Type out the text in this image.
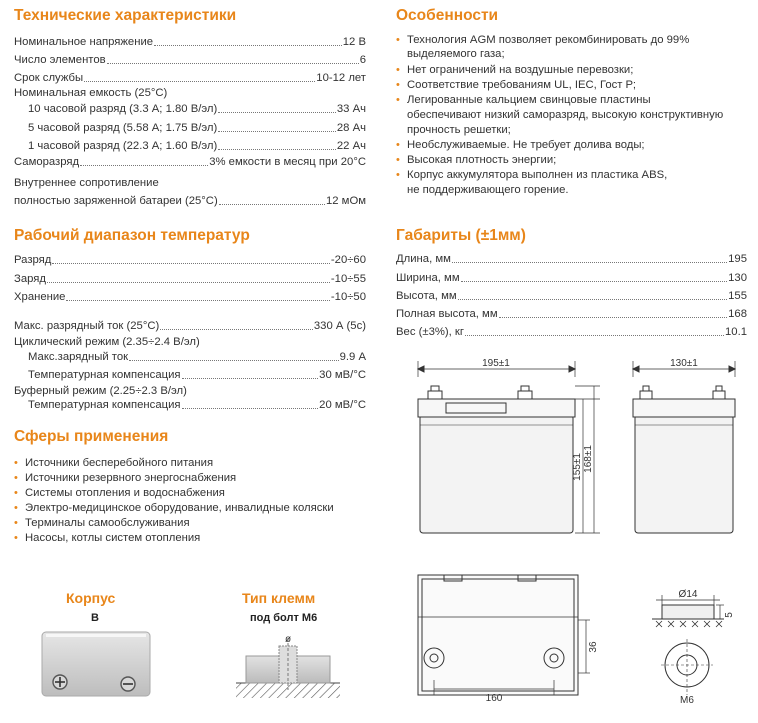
Технические характеристики
Номинальное напряжение	12 В
Число элементов	6
Срок службы	10-12 лет
Номинальная емкость (25°С)
10 часовой разряд (3.3 А; 1.80 В/эл)	33 Ач
5 часовой разряд (5.58 А; 1.75 В/эл)	28 Ач
1 часовой разряд (22.3 А; 1.60 В/эл)	22 Ач
Саморазряд	3% емкости в месяц при 20°С
Внутреннее сопротивление
полностью заряженной батареи (25°С)	12 мОм
Рабочий диапазон температур
Разряд	-20÷60
Заряд	-10÷55
Хранение	-10÷50
Макс. разрядный ток (25°С)	330 А (5с)
Циклический режим (2.35÷2.4 В/эл)
Макс.зарядный ток	9.9 А
Температурная компенсация	30 мВ/°С
Буферный режим (2.25÷2.3 В/эл)
Температурная компенсация	20 мВ/°С
Сферы применения
• Источники бесперебойного питания
• Источники резервного энергоснабжения
• Системы отопления и водоснабжения
• Электро-медицинское оборудование, инвалидные коляски
• Терминалы самообслуживания
• Насосы, котлы систем отопления
Корпус
B
Тип клемм
под болт М6
ø
Особенности
• Технология AGM позволяет рекомбинировать до 99%
выделяемого газа;
• Нет ограничений на воздушные перевозки;
• Соответствие требованиям UL, IEC, Гост Р;
• Легированные кальцием свинцовые пластины
обеспечивают низкий саморазряд, высокую конструктивную
прочность решетки;
• Необслуживаемые. Не требует долива воды;
• Высокая плотность энергии;
• Корпус аккумулятора выполнен из пластика ABS,
не поддерживающего горение.
Габариты (±1мм)
Длина, мм	195
Ширина, мм	130
Высота, мм	155
Полная высота, мм	168
Вес (±3%), кг	10.1
195±1	130±1
155±1 168±1
160
36
Ø14
5
M6
